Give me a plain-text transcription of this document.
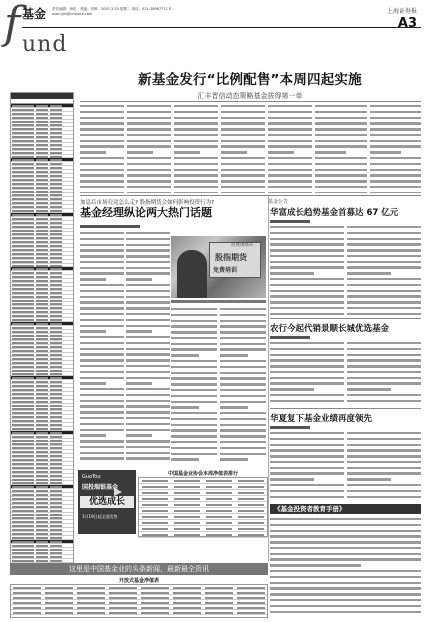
f 基金
und
责任编辑：杨屹　美编：刘晖　2007.3.20 星期二 电话：021-38967771 E-mail:jijin@cnstock.com	上海证券报
A3
新基金发行“比例配售”本周四起实施
汇丰晋信动态策略基金拔得第一单
加息后市场究竟怎么走? 股指期货会如何影响投资行为?
基金经理纵论两大热门话题
股指期货
免费培训
投资现场开
基金公告
华富成长趋势基金首募达 67 亿元
农行今起代销景顺长城优选基金
华夏复下基金业绩再度领先
《基金投资者教育手册》
GuoTou
国投瑞银基金
优选成长
3月19日起全面发售
中国基金业协会本周净值表排行
这里是中国基金业的头条新闻，最新最全资讯
开放式基金净值表
